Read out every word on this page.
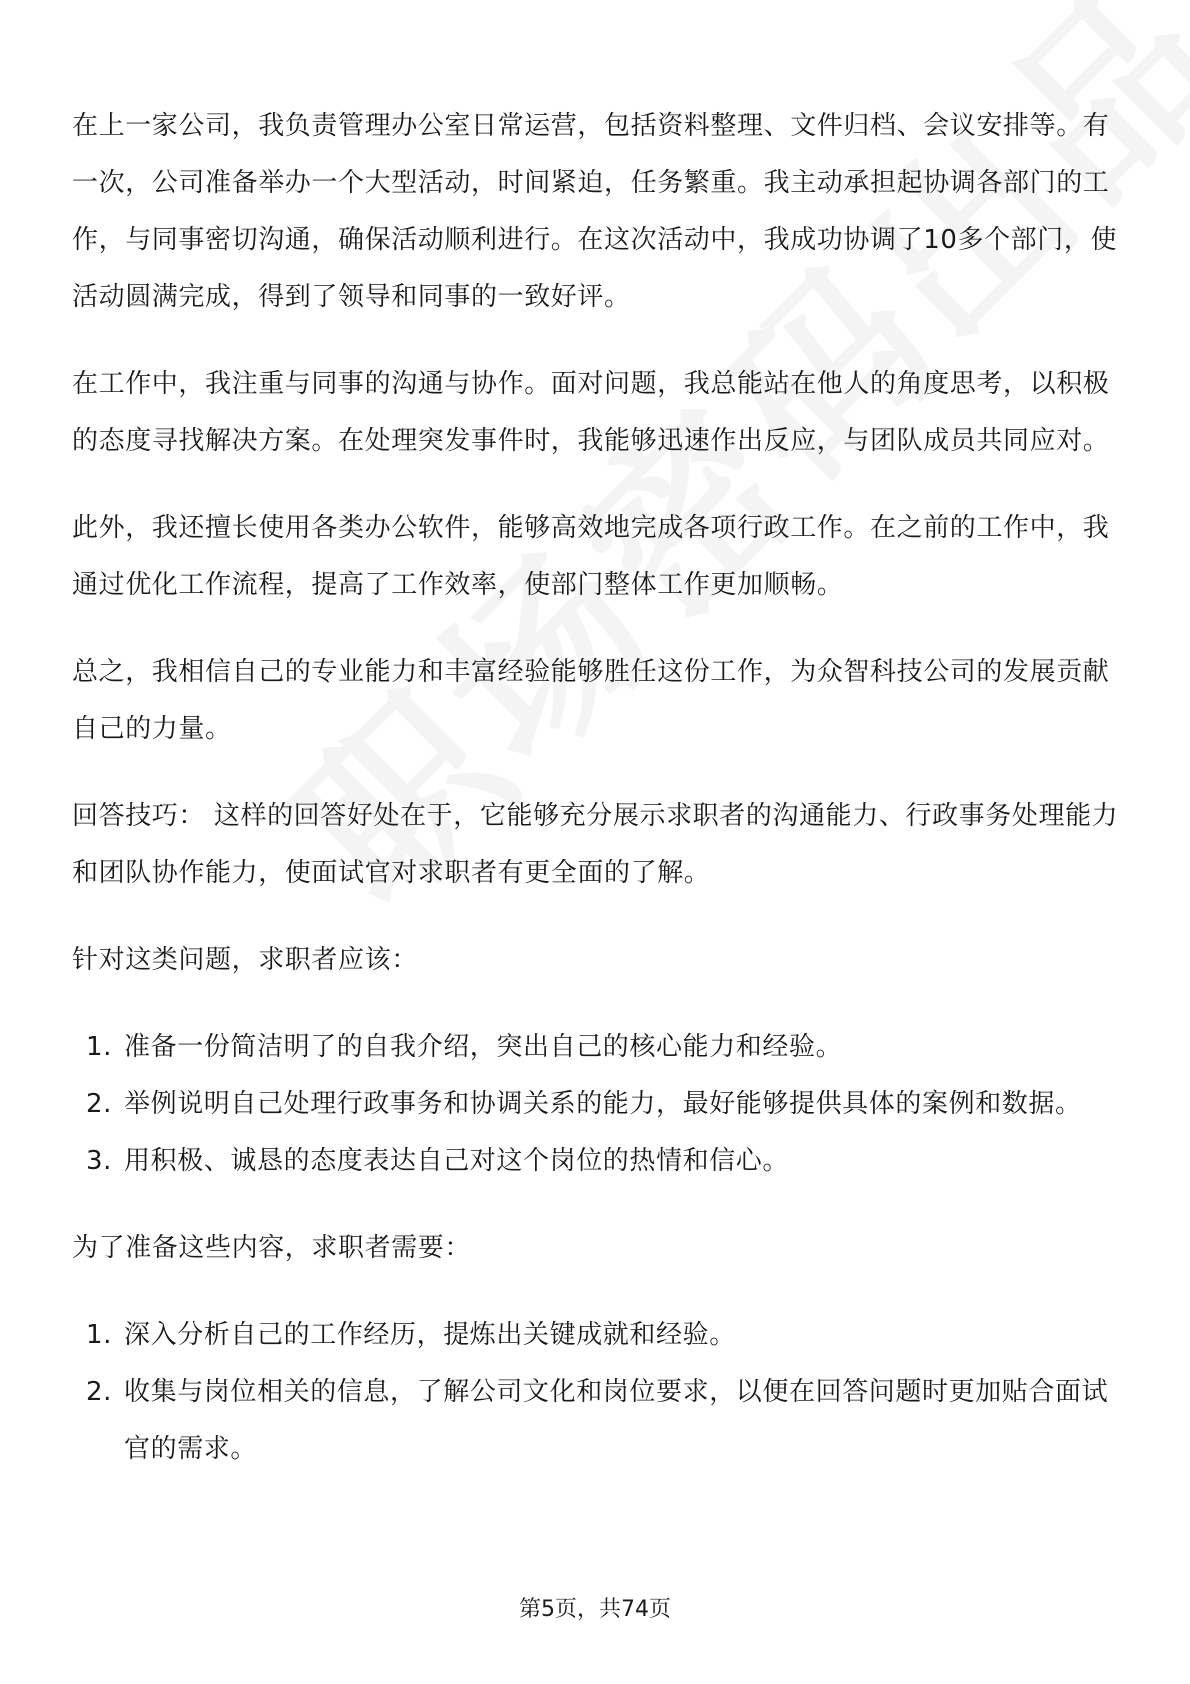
在上一家公司，我负责管理办公室日常运营，包括资料整理、文件归档、会议安排等。有一次，公司准备举办一个大型活动，时间紧迫，任务繁重。我主动承担起协调各部门的工作，与同事密切沟通，确保活动顺利进行。在这次活动中，我成功协调了10多个部门，使活动圆满完成，得到了领导和同事的一致好评。

在工作中，我注重与同事的沟通与协作。面对问题，我总能站在他人的角度思考，以积极的态度寻找解决方案。在处理突发事件时，我能够迅速作出反应，与团队成员共同应对。

此外，我还擅长使用各类办公软件，能够高效地完成各项行政工作。在之前的工作中，我通过优化工作流程，提高了工作效率，使部门整体工作更加顺畅。

总之，我相信自己的专业能力和丰富经验能够胜任这份工作，为众智科技公司的发展贡献自己的力量。

回答技巧： 这样的回答好处在于，它能够充分展示求职者的沟通能力、行政事务处理能力和团队协作能力，使面试官对求职者有更全面的了解。

针对这类问题，求职者应该：

1. 准备一份简洁明了的自我介绍，突出自己的核心能力和经验。
2. 举例说明自己处理行政事务和协调关系的能力，最好能够提供具体的案例和数据。
3. 用积极、诚恳的态度表达自己对这个岗位的热情和信心。

为了准备这些内容，求职者需要：

1. 深入分析自己的工作经历，提炼出关键成就和经验。
2. 收集与岗位相关的信息，了解公司文化和岗位要求，以便在回答问题时更加贴合面试官的需求。
第5页，共74页
